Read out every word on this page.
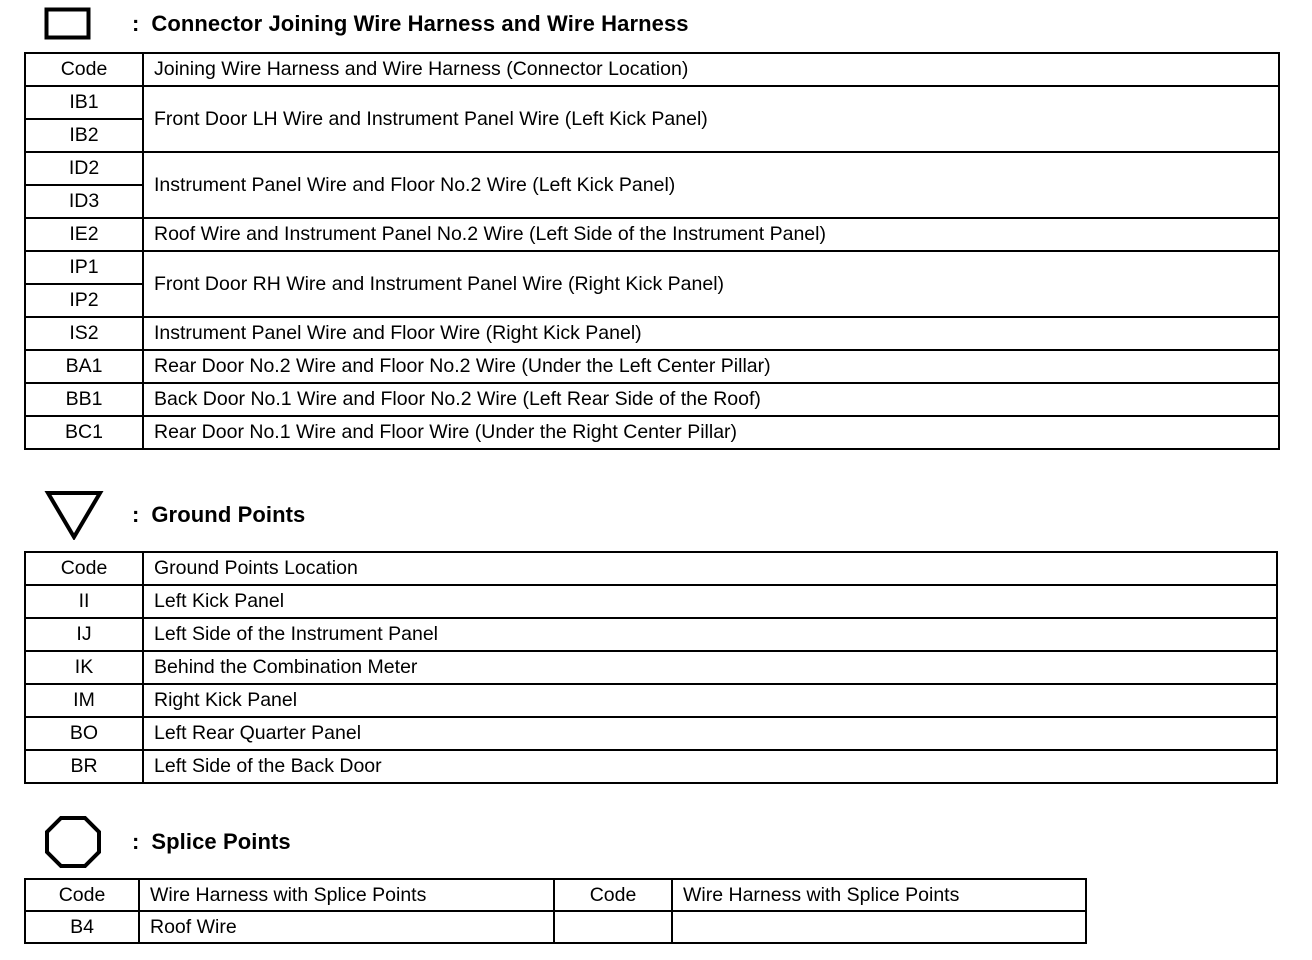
: Connector Joining Wire Harness and Wire Harness
Code	Joining Wire Harness and Wire Harness (Connector Location)
IB1	Front Door LH Wire and Instrument Panel Wire (Left Kick Panel)
IB2	
ID2	Instrument Panel Wire and Floor No.2 Wire (Left Kick Panel)
ID3	
IE2	Roof Wire and Instrument Panel No.2 Wire (Left Side of the Instrument Panel)
IP1	Front Door RH Wire and Instrument Panel Wire (Right Kick Panel)
IP2	
IS2	Instrument Panel Wire and Floor Wire (Right Kick Panel)
BA1	Rear Door No.2 Wire and Floor No.2 Wire (Under the Left Center Pillar)
BB1	Back Door No.1 Wire and Floor No.2 Wire (Left Rear Side of the Roof)
BC1	Rear Door No.1 Wire and Floor Wire (Under the Right Center Pillar)
: Ground Points
Code	Ground Points Location
II	Left Kick Panel
IJ	Left Side of the Instrument Panel
IK	Behind the Combination Meter
IM	Right Kick Panel
BO	Left Rear Quarter Panel
BR	Left Side of the Back Door
: Splice Points
Code	Wire Harness with Splice Points	Code	Wire Harness with Splice Points
B4	Roof Wire		
